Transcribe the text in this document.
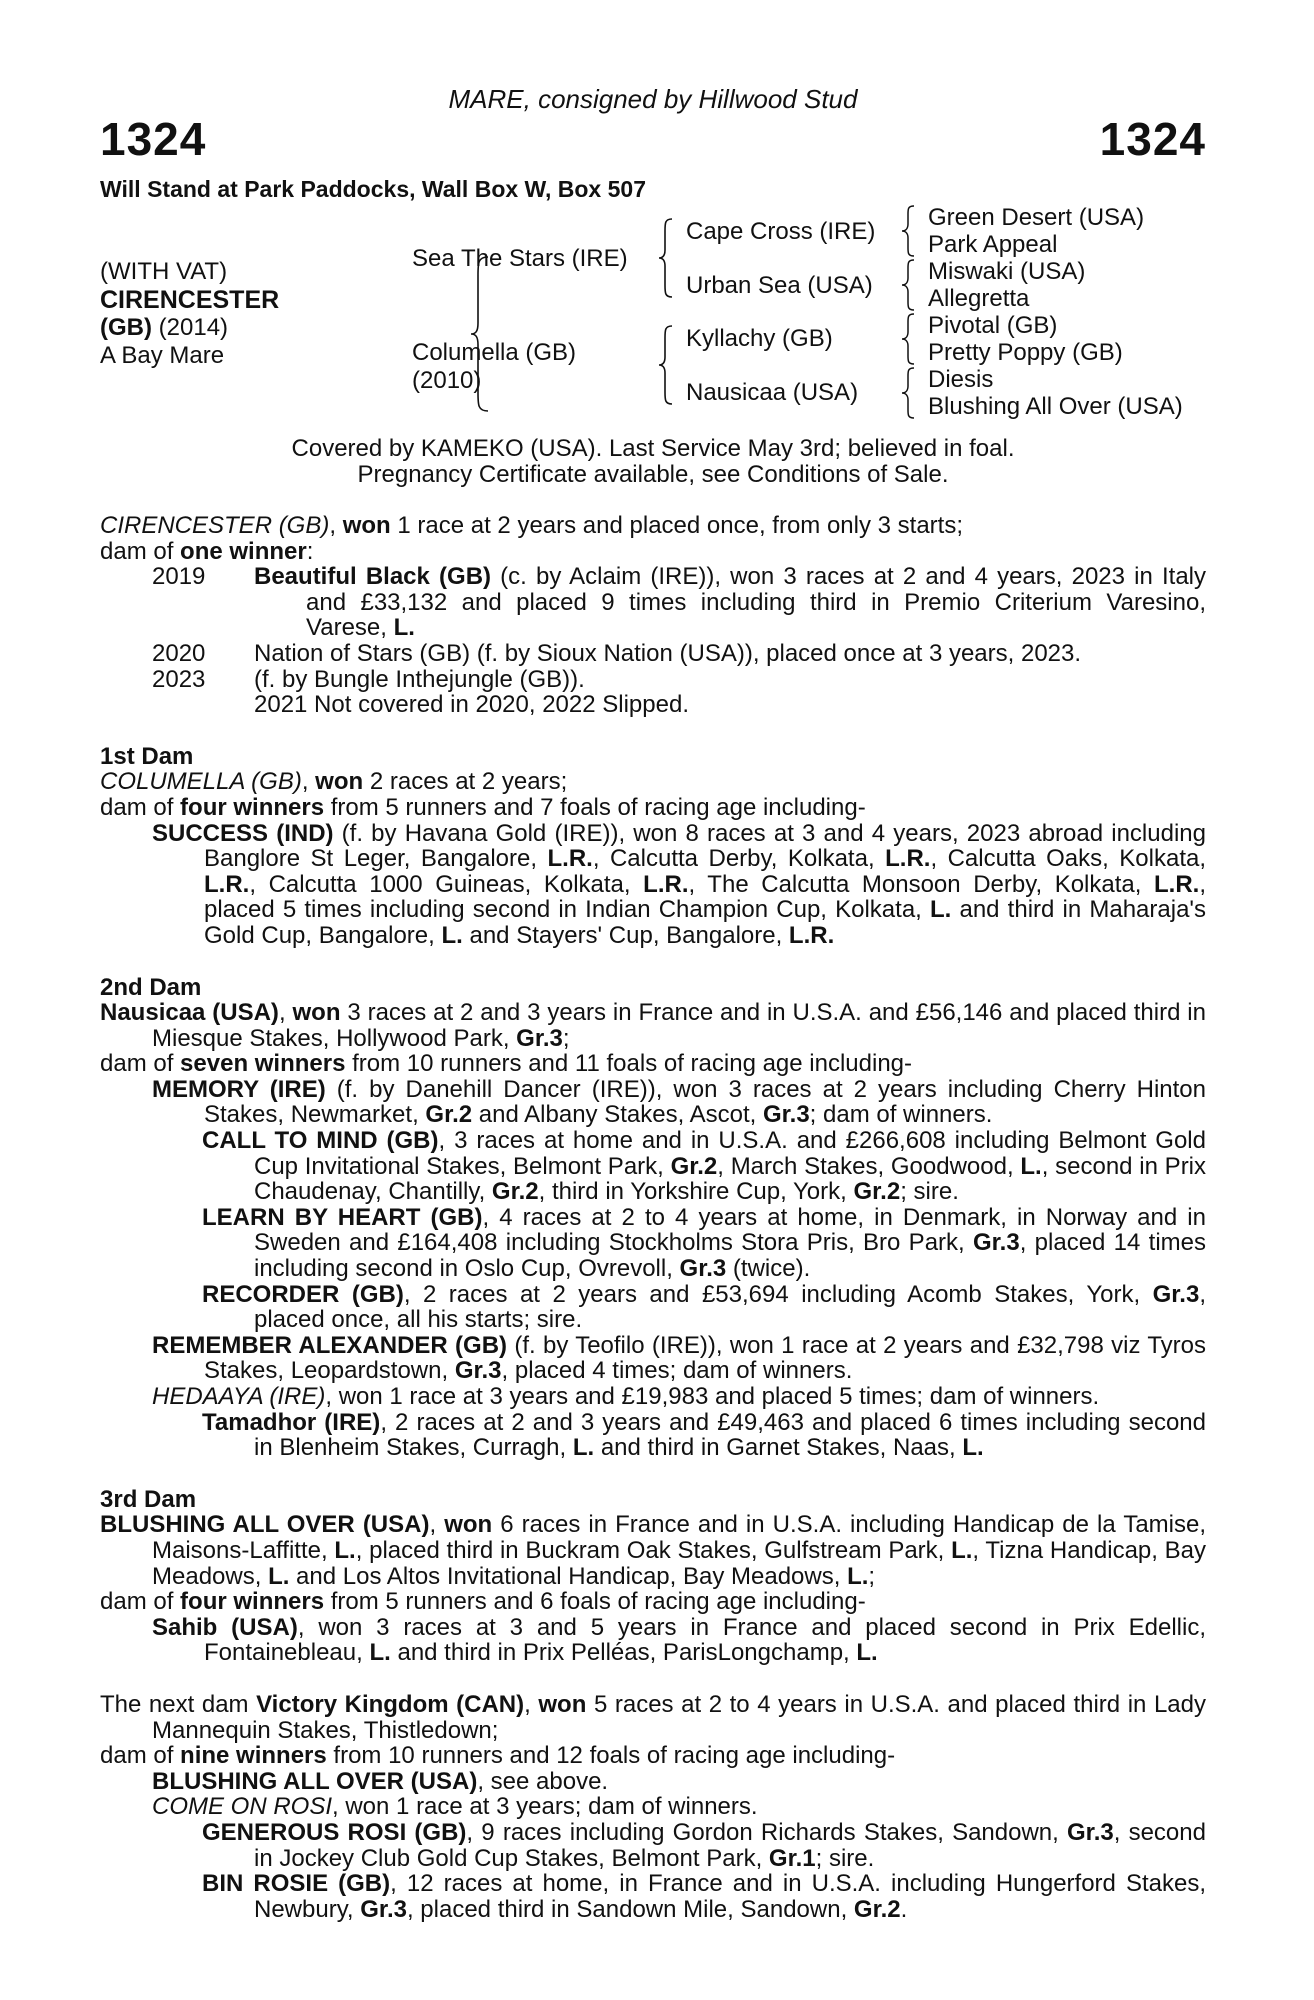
MARE, consigned by Hillwood Stud
1324	1324
Will Stand at Park Paddocks, Wall Box W, Box 507
(WITH VAT)
CIRENCESTER
(GB) (2014)
A Bay Mare
Sea The Stars (IRE)
Columella (GB)
(2010)
Cape Cross (IRE)
Urban Sea (USA)
Kyllachy (GB)
Nausicaa (USA)
Green Desert (USA)
Park Appeal
Miswaki (USA)
Allegretta
Pivotal (GB)
Pretty Poppy (GB)
Diesis
Blushing All Over (USA)
Covered by KAMEKO (USA). Last Service May 3rd; believed in foal.
Pregnancy Certificate available, see Conditions of Sale.

CIRENCESTER (GB), won 1 race at 2 years and placed once, from only 3 starts;

dam of one winner:

2019	Beautiful Black (GB) (c. by Aclaim (IRE)), won 3 races at 2 and 4 years, 2023 in Italy and £33,132 and placed 9 times including third in Premio Criterium Varesino, Varese, L.
2020	Nation of Stars (GB) (f. by Sioux Nation (USA)), placed once at 3 years, 2023.
2023	(f. by Bungle Inthejungle (GB)).
2021 Not covered in 2020, 2022 Slipped.

1st Dam

COLUMELLA (GB), won 2 races at 2 years;

dam of four winners from 5 runners and 7 foals of racing age including-

SUCCESS (IND) (f. by Havana Gold (IRE)), won 8 races at 3 and 4 years, 2023 abroad including Banglore St Leger, Bangalore, L.R., Calcutta Derby, Kolkata, L.R., Calcutta Oaks, Kolkata, L.R., Calcutta 1000 Guineas, Kolkata, L.R., The Calcutta Monsoon Derby, Kolkata, L.R., placed 5 times including second in Indian Champion Cup, Kolkata, L. and third in Maharaja's Gold Cup, Bangalore, L. and Stayers' Cup, Bangalore, L.R.

2nd Dam

Nausicaa (USA), won 3 races at 2 and 3 years in France and in U.S.A. and £56,146 and placed third in Miesque Stakes, Hollywood Park, Gr.3;

dam of seven winners from 10 runners and 11 foals of racing age including-

MEMORY (IRE) (f. by Danehill Dancer (IRE)), won 3 races at 2 years including Cherry Hinton Stakes, Newmarket, Gr.2 and Albany Stakes, Ascot, Gr.3; dam of winners.

CALL TO MIND (GB), 3 races at home and in U.S.A. and £266,608 including Belmont Gold Cup Invitational Stakes, Belmont Park, Gr.2, March Stakes, Goodwood, L., second in Prix Chaudenay, Chantilly, Gr.2, third in Yorkshire Cup, York, Gr.2; sire.

LEARN BY HEART (GB), 4 races at 2 to 4 years at home, in Denmark, in Norway and in Sweden and £164,408 including Stockholms Stora Pris, Bro Park, Gr.3, placed 14 times including second in Oslo Cup, Ovrevoll, Gr.3 (twice).

RECORDER (GB), 2 races at 2 years and £53,694 including Acomb Stakes, York, Gr.3, placed once, all his starts; sire.

REMEMBER ALEXANDER (GB) (f. by Teofilo (IRE)), won 1 race at 2 years and £32,798 viz Tyros Stakes, Leopardstown, Gr.3, placed 4 times; dam of winners.

HEDAAYA (IRE), won 1 race at 3 years and £19,983 and placed 5 times; dam of winners.

Tamadhor (IRE), 2 races at 2 and 3 years and £49,463 and placed 6 times including second in Blenheim Stakes, Curragh, L. and third in Garnet Stakes, Naas, L.

3rd Dam

BLUSHING ALL OVER (USA), won 6 races in France and in U.S.A. including Handicap de la Tamise, Maisons-Laffitte, L., placed third in Buckram Oak Stakes, Gulfstream Park, L., Tizna Handicap, Bay Meadows, L. and Los Altos Invitational Handicap, Bay Meadows, L.;

dam of four winners from 5 runners and 6 foals of racing age including-

Sahib (USA), won 3 races at 3 and 5 years in France and placed second in Prix Edellic, Fontainebleau, L. and third in Prix Pelléas, ParisLongchamp, L.

The next dam Victory Kingdom (CAN), won 5 races at 2 to 4 years in U.S.A. and placed third in Lady Mannequin Stakes, Thistledown;

dam of nine winners from 10 runners and 12 foals of racing age including-

BLUSHING ALL OVER (USA), see above.

COME ON ROSI, won 1 race at 3 years; dam of winners.

GENEROUS ROSI (GB), 9 races including Gordon Richards Stakes, Sandown, Gr.3, second in Jockey Club Gold Cup Stakes, Belmont Park, Gr.1; sire.

BIN ROSIE (GB), 12 races at home, in France and in U.S.A. including Hungerford Stakes, Newbury, Gr.3, placed third in Sandown Mile, Sandown, Gr.2.
